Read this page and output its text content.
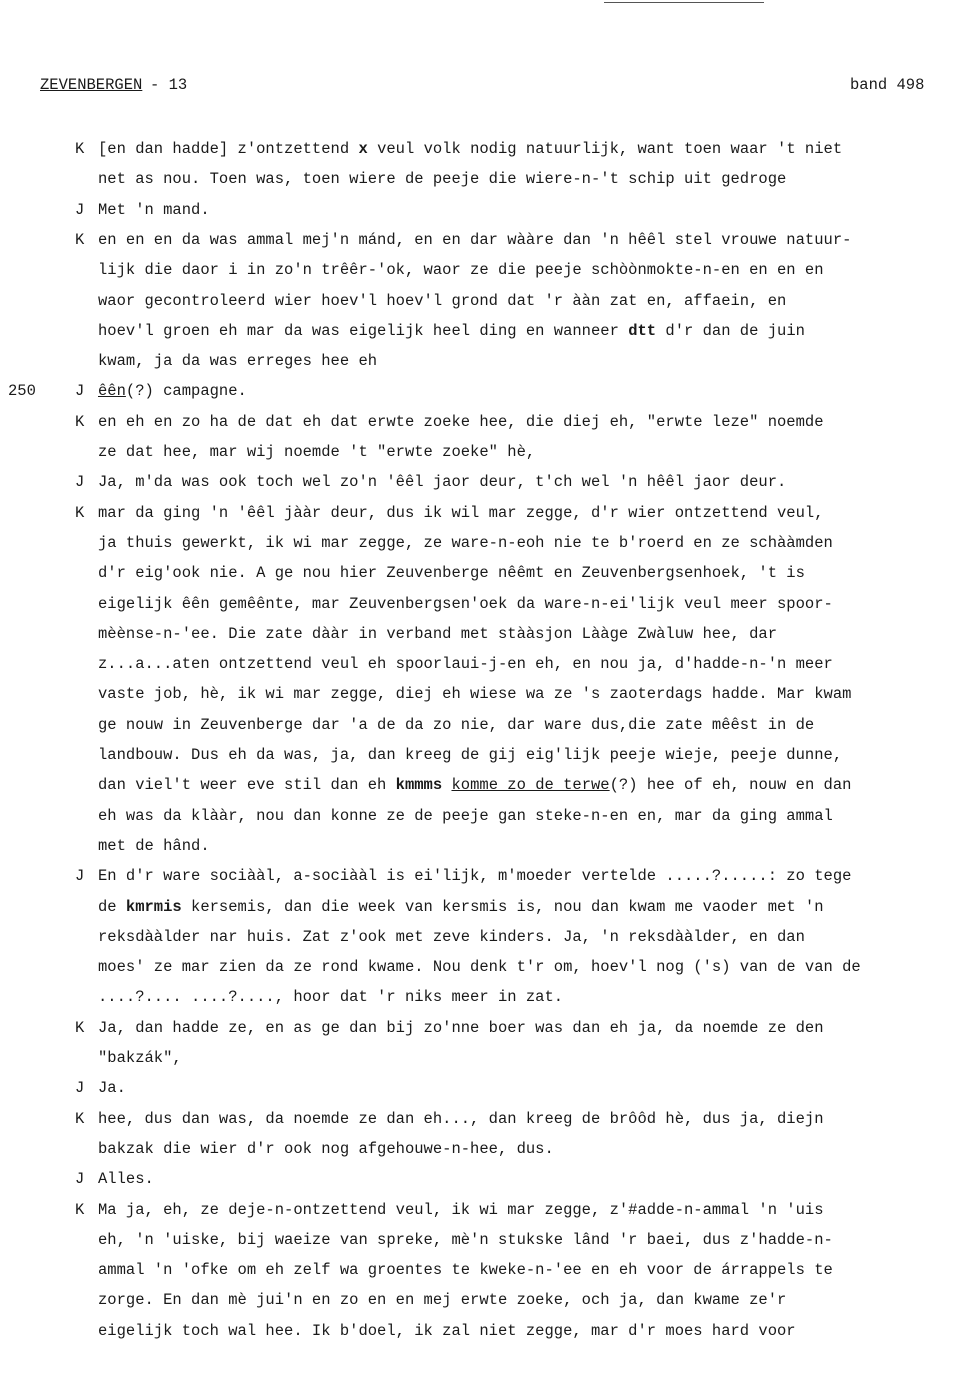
ZEVENBERGEN - 13	band 498
K [en dan hadde] z'ontzettend x veul volk nodig natuurlijk, want toen waar 't niet
net as nou. Toen was, toen wiere de peeje die wiere-n-'t schip uit gedroge
J Met 'n mand.
K en en en da was ammal mej'n mánd, en en dar wààre dan 'n hêêl stel vrouwe natuur-
lijk die daor i in zo'n trêêr-'ok, waor ze die peeje schòònmokte-n-en en en en
waor gecontroleerd wier hoev'l hoev'l grond dat 'r ààn zat en, affaein, en
hoev'l groen eh mar da was eigelijk heel ding en wanneer dtt d'r dan de juin
kwam, ja da was erreges hee eh
250	J êên(?) campagne.
K en eh en zo ha de dat eh dat erwte zoeke hee, die diej eh, "erwte leze" noemde
ze dat hee, mar wij noemde 't "erwte zoeke" hè,
J Ja, m'da was ook toch wel zo'n 'êêl jaor deur, t'ch wel 'n hêêl jaor deur.
K mar da ging 'n 'êêl jààr deur, dus ik wil mar zegge, d'r wier ontzettend veul,
ja thuis gewerkt, ik wi mar zegge, ze ware-n-eoh nie te b'roerd en ze schààmden
d'r eig'ook nie. A ge nou hier Zeuvenberge nêêmt en Zeuvenbergsenhoek, 't is
eigelijk êên gemêênte, mar Zeuvenbergsen'oek da ware-n-ei'lijk veul meer spoor-
mèènse-n-'ee. Die zate dààr in verband met stààsjon Lààge Zwàluw hee, dar
z...a...aten ontzettend veul eh spoorlaui-j-en eh, en nou ja, d'hadde-n-'n meer
vaste job, hè, ik wi mar zegge, diej eh wiese wa ze 's zaoterdags hadde. Mar kwam
ge nouw in Zeuvenberge dar 'a de da zo nie, dar ware dus,die zate mêêst in de
landbouw. Dus eh da was, ja, dan kreeg de gij eig'lijk peeje wieje, peeje dunne,
dan viel't weer eve stil dan eh kmmms komme zo de terwe(?) hee of eh, nouw en dan
eh was da klààr, nou dan konne ze de peeje gan steke-n-en en, mar da ging ammal
met de hând.
J En d'r ware sociààl, a-sociààl is ei'lijk, m'moeder vertelde .....?.....: zo tege
de kmrmis kersemis, dan die week van kersmis is, nou dan kwam me vaoder met 'n
reksdààlder nar huis. Zat z'ook met zeve kinders. Ja, 'n reksdààlder, en dan
moes' ze mar zien da ze rond kwame. Nou denk t'r om, hoev'l nog ('s) van de van de
....?.... ....?...., hoor dat 'r niks meer in zat.
K Ja, dan hadde ze, en as ge dan bij zo'nne boer was dan eh ja, da noemde ze den
"bakzák",
J Ja.
K hee, dus dan was, da noemde ze dan eh..., dan kreeg de brôôd hè, dus ja, diejn
bakzak die wier d'r ook nog afgehouwe-n-hee, dus.
J Alles.
K Ma ja, eh, ze deje-n-ontzettend veul, ik wi mar zegge, z'#adde-n-ammal 'n 'uis
eh, 'n 'uiske, bij waeize van spreke, mè'n stukske lând 'r baei, dus z'hadde-n-
ammal 'n 'ofke om eh zelf wa groentes te kweke-n-'ee en eh voor de árrappels te
zorge. En dan mè jui'n en zo en en mej erwte zoeke, och ja, dan kwame ze'r
eigelijk toch wal hee. Ik b'doel, ik zal niet zegge, mar d'r moes hard voor
